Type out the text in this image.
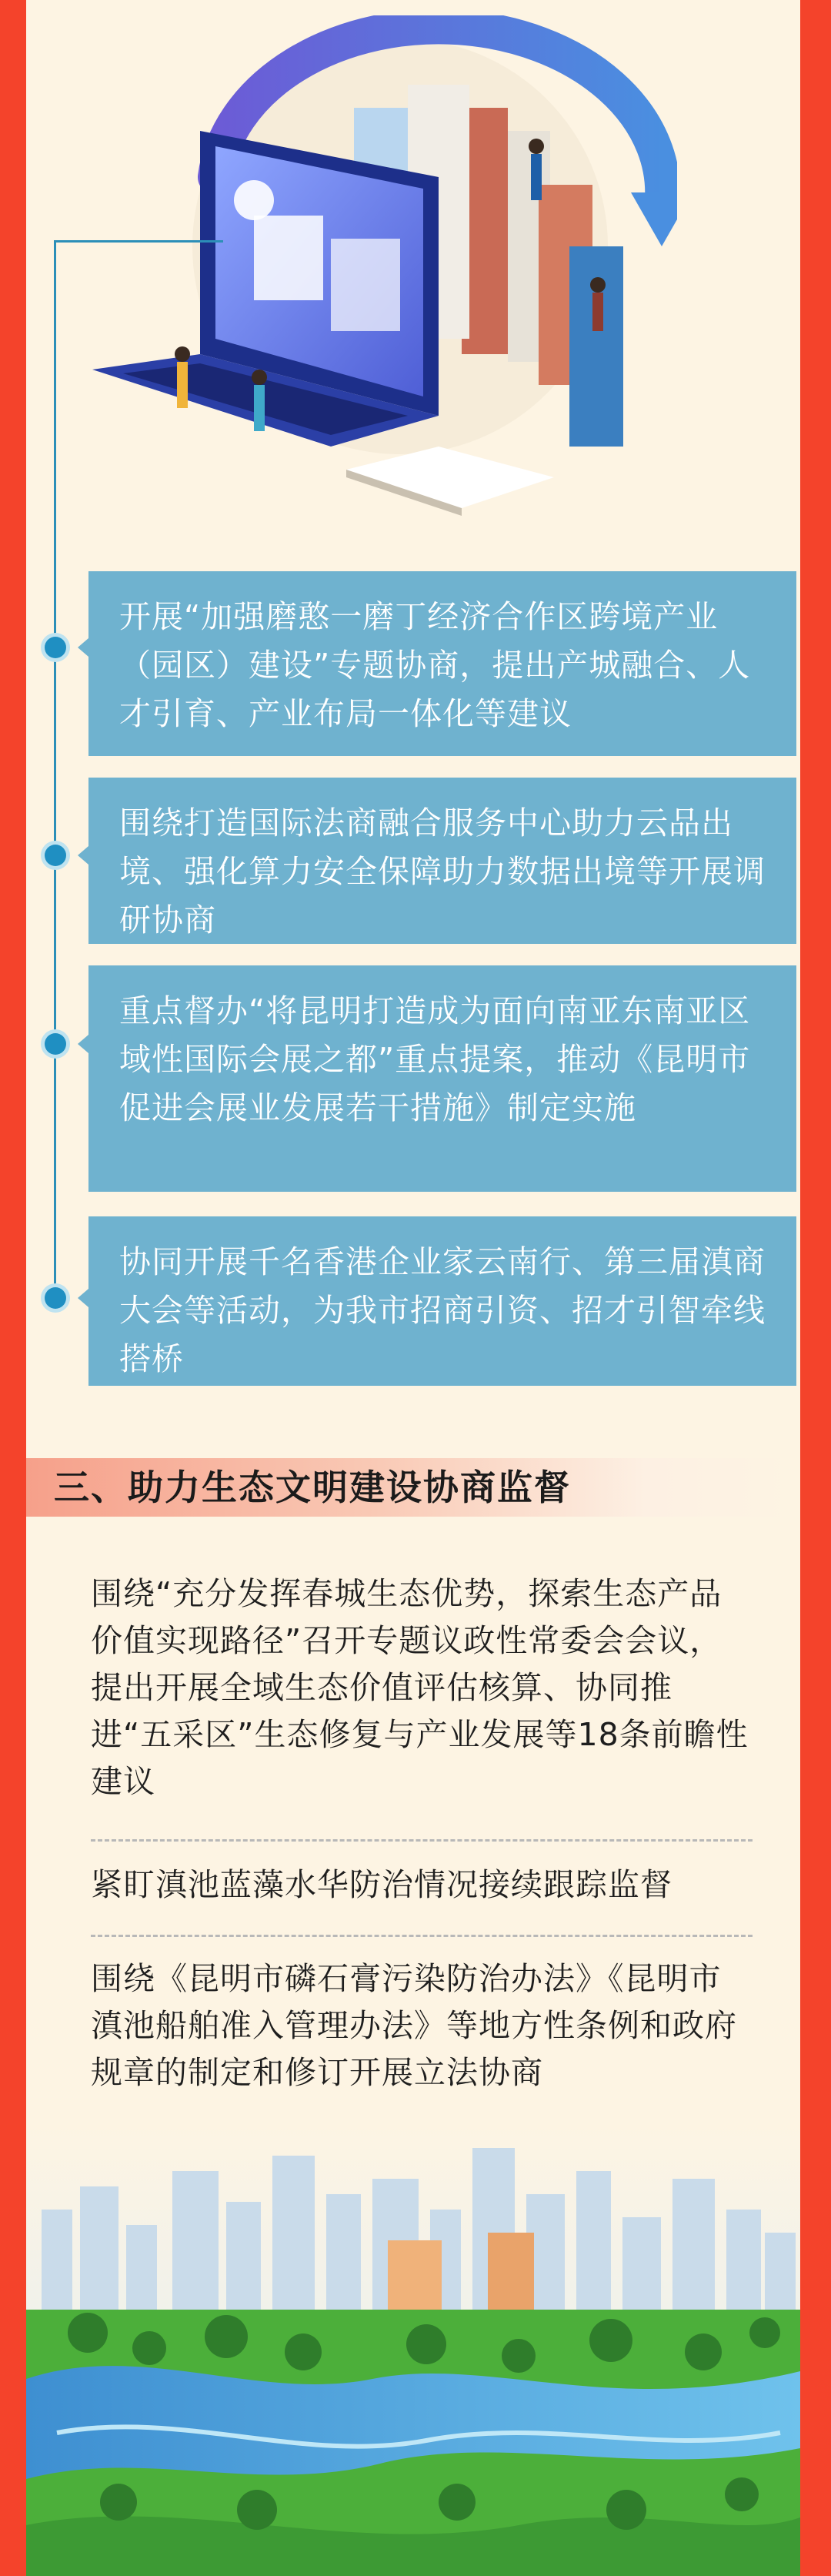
开展“加强磨憨一磨丁经济合作区跨境产业（园区）建设”专题协商，提出产城融合、人才引育、产业布局一体化等建议
围绕打造国际法商融合服务中心助力云品出境、强化算力安全保障助力数据出境等开展调研协商
重点督办“将昆明打造成为面向南亚东南亚区域性国际会展之都”重点提案，推动《昆明市促进会展业发展若干措施》制定实施
协同开展千名香港企业家云南行、第三届滇商大会等活动，为我市招商引资、招才引智牵线搭桥
三、助力生态文明建设协商监督
围绕“充分发挥春城生态优势，探索生态产品价值实现路径”召开专题议政性常委会会议，提出开展全域生态价值评估核算、协同推进“五采区”生态修复与产业发展等18条前瞻性建议
紧盯滇池蓝藻水华防治情况接续跟踪监督
围绕《昆明市磷石膏污染防治办法》《昆明市滇池船舶准入管理办法》等地方性条例和政府规章的制定和修订开展立法协商
